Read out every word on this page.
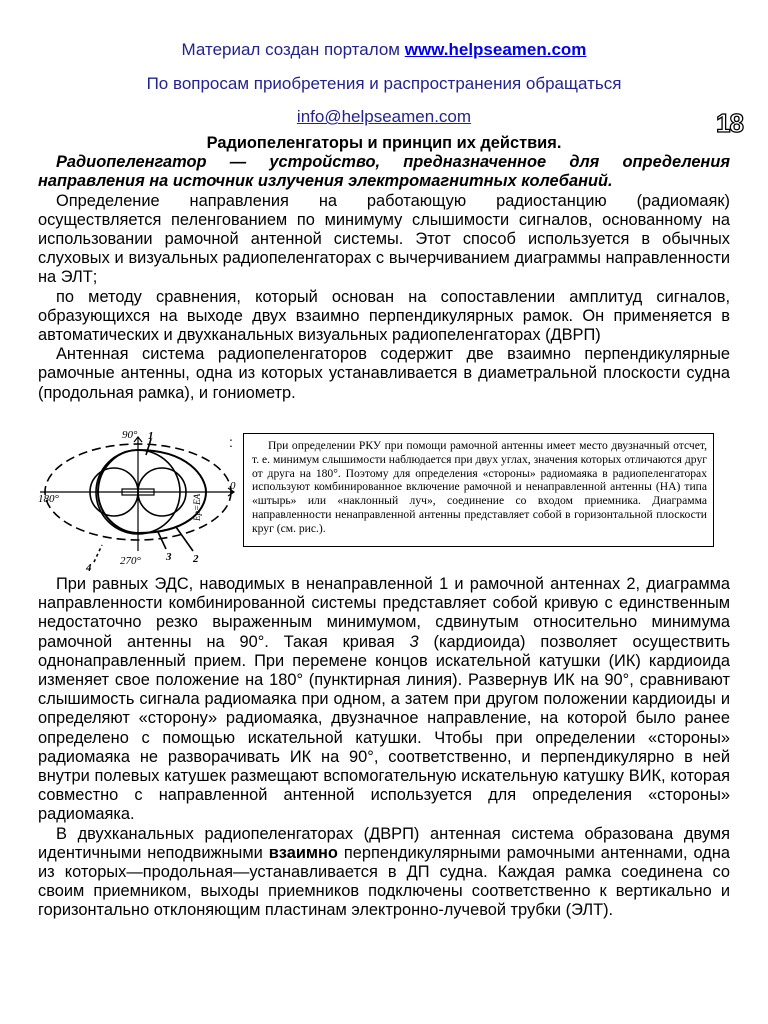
Материал создан порталом www.helpseamen.com
По вопросам приобретения и распространения обращаться
info@helpseamen.com	18

Радиопеленгаторы и принцип их действия.

Радиопеленгатор — устройство, предназначенное для определения направления на источник излучения электромагнитных колебаний.

Определение направления на работающую радиостанцию (радиомаяк) осуществляется пеленгованием по минимуму слышимости сигналов, основанному на использовании рамочной антенной системы. Этот способ используется в обычных слуховых и визуальных радиопеленгаторах с вычерчиванием диаграммы направленности на ЭЛТ;

по методу сравнения, который основан на сопоставлении амплитуд сигналов, образующихся на выходе двух взаимно перпендикулярных рамок. Он применяется в автоматических и двухканальных визуальных радиопеленгаторах (ДВРП)

Антенная система радиопеленгаторов содержит две взаимно перпендикулярные рамочные антенны, одна из которых устанавливается в диаметральной плоскости судна (продольная рамка), и гониометр.

90°
180°
0
270°
1
2
3
4
Eр=EA
:	При определении РКУ при помощи рамочной антенны имеет место двузначный отсчет, т. е. минимум слышимости наблюдается при двух углах, значения которых отличаются друг от друга на 180°. Поэтому для определения «стороны» радиомаяка в радиопеленгаторах используют комбинированное включение рамочной и ненаправленной антенны (НА) типа «штырь» или «наклонный луч», соединение со входом приемника. Диаграмма направленности ненаправленной антенны представляет собой в горизонтальной плоскости круг (см. рис.).

При равных ЭДС, наводимых в ненаправленной 1 и рамочной антеннах 2, диаграмма направленности комбинированной системы представляет собой кривую с единственным недостаточно резко выраженным минимумом, сдвинутым относительно минимума рамочной антенны на 90°. Такая кривая 3 (кардиоида) позволяет осуществить однонаправленный прием. При перемене концов искательной катушки (ИК) кардиоида изменяет свое положение на 180° (пунктирная линия). Развернув ИК на 90°, сравнивают слышимость сигнала радиомаяка при одном, а затем при другом положении кардиоиды и определяют «сторону» радиомаяка, двузначное направление, на которой было ранее определено с помощью искательной катушки. Чтобы при определении «стороны» радиомаяка не разворачивать ИК на 90°, соответственно, и перпендикулярно в ней внутри полевых катушек размещают вспомогательную искательную катушку ВИК, которая совместно с направленной антенной используется для определения «стороны» радиомаяка.

В двухканальных радиопеленгаторах (ДВРП) антенная система образована двумя идентичными неподвижными взаимно перпендикулярными рамочными антеннами, одна из которых—продольная—устанавливается в ДП судна. Каждая рамка соединена со своим приемником, выходы приемников подключены соответственно к вертикально и горизонтально отклоняющим пластинам электронно-лучевой трубки (ЭЛТ).
